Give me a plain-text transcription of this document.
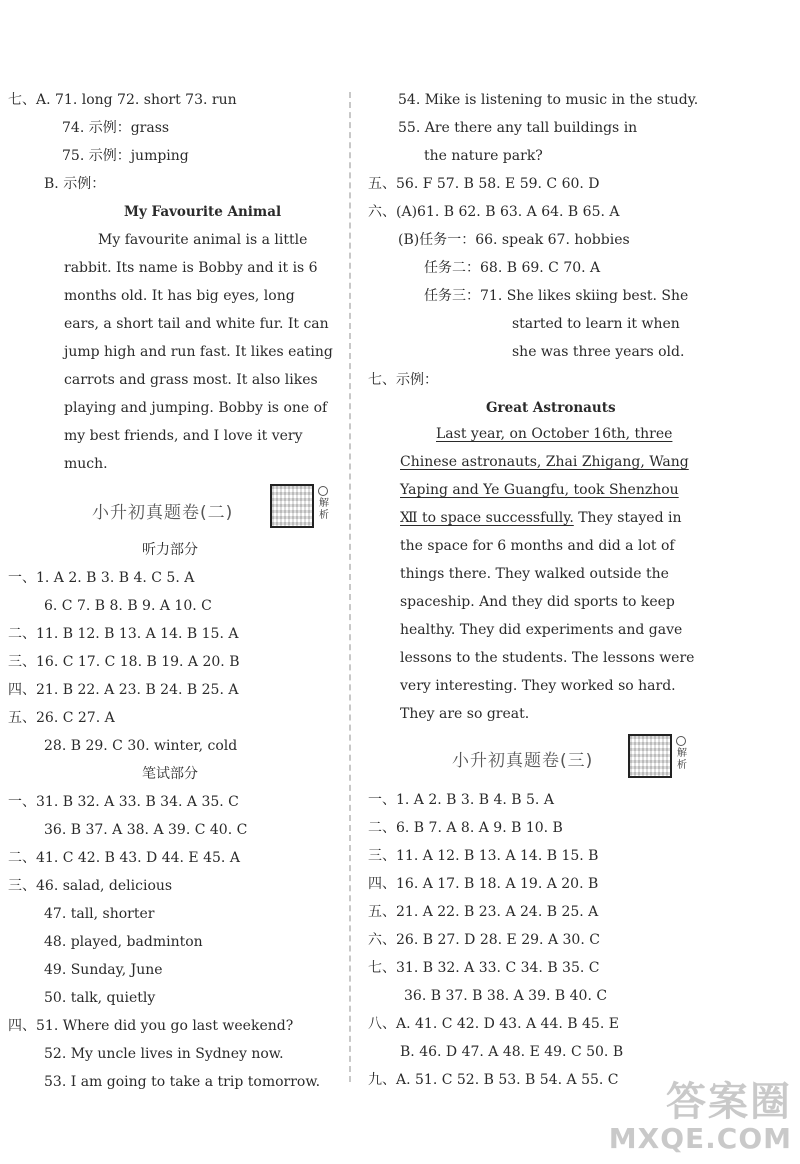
七、A. 71. long 72. short 73. run
74. 示例：grass
75. 示例：jumping
B. 示例：
My Favourite Animal
My favourite animal is a little
rabbit. Its name is Bobby and it is 6
months old. It has big eyes, long
ears, a short tail and white fur. It can
jump high and run fast. It likes eating
carrots and grass most. It also likes
playing and jumping. Bobby is one of
my best friends, and I love it very
much.
小升初真题卷(二)	解析
听力部分
一、1. A 2. B 3. B 4. C 5. A
6. C 7. B 8. B 9. A 10. C
二、11. B 12. B 13. A 14. B 15. A
三、16. C 17. C 18. B 19. A 20. B
四、21. B 22. A 23. B 24. B 25. A
五、26. C 27. A
28. B 29. C 30. winter, cold
笔试部分
一、31. B 32. A 33. B 34. A 35. C
36. B 37. A 38. A 39. C 40. C
二、41. C 42. B 43. D 44. E 45. A
三、46. salad, delicious
47. tall, shorter
48. played, badminton
49. Sunday, June
50. talk, quietly
四、51. Where did you go last weekend?
52. My uncle lives in Sydney now.
53. I am going to take a trip tomorrow.
54. Mike is listening to music in the study.
55. Are there any tall buildings in
the nature park?
五、56. F 57. B 58. E 59. C 60. D
六、(A)61. B 62. B 63. A 64. B 65. A
(B)任务一：66. speak 67. hobbies
任务二：68. B 69. C 70. A
任务三：71. She likes skiing best. She
started to learn it when
she was three years old.
七、示例：
Great Astronauts
Last year, on October 16th, three
Chinese astronauts, Zhai Zhigang, Wang
Yaping and Ye Guangfu, took Shenzhou
Ⅻ to space successfully. They stayed in
the space for 6 months and did a lot of
things there. They walked outside the
spaceship. And they did sports to keep
healthy. They did experiments and gave
lessons to the students. The lessons were
very interesting. They worked so hard.
They are so great.
小升初真题卷(三)	解析
一、1. A 2. B 3. B 4. B 5. A
二、6. B 7. A 8. A 9. B 10. B
三、11. A 12. B 13. A 14. B 15. B
四、16. A 17. B 18. A 19. A 20. B
五、21. A 22. B 23. A 24. B 25. A
六、26. B 27. D 28. E 29. A 30. C
七、31. B 32. A 33. C 34. B 35. C
36. B 37. B 38. A 39. B 40. C
八、A. 41. C 42. D 43. A 44. B 45. E
B. 46. D 47. A 48. E 49. C 50. B
九、A. 51. C 52. B 53. B 54. A 55. C	答案圈
MXQE.COM
